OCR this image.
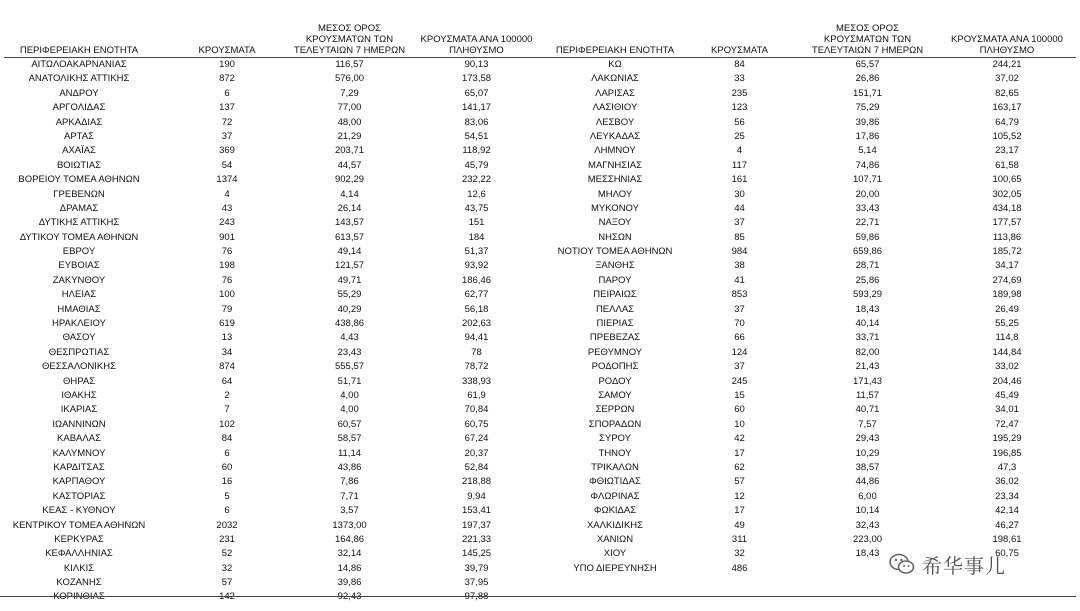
ΠΕΡΙΦΕΡΕΙΑΚΗ ΕΝΟΤΗΤΑ	ΚΡΟΥΣΜΑΤΑ
ΜΕΣΟΣ ΟΡΟΣ
ΚΡΟΥΣΜΑΤΩΝ ΤΩΝ
ΤΕΛΕΥΤΑΙΩΝ 7 ΗΜΕΡΩΝ
ΚΡΟΥΣΜΑΤΑ ΑΝΑ 100000
ΠΛΗΘΥΣΜΟ
ΑΙΤΩΛΟΑΚΑΡΝΑΝΙΑΣ	190	116,57	90,13
ΑΝΑΤΟΛΙΚΗΣ ΑΤΤΙΚΗΣ	872	576,00	173,58
ΑΝΔΡΟΥ	6	7,29	65,07
ΑΡΓΟΛΙΔΑΣ	137	77,00	141,17
ΑΡΚΑΔΙΑΣ	72	48,00	83,06
ΑΡΤΑΣ	37	21,29	54,51
ΑΧΑΪΑΣ	369	203,71	118,92
ΒΟΙΩΤΙΑΣ	54	44,57	45,79
ΒΟΡΕΙΟΥ ΤΟΜΕΑ ΑΘΗΝΩΝ	1374	902,29	232,22
ΓΡΕΒΕΝΩΝ	4	4,14	12,6
ΔΡΑΜΑΣ	43	26,14	43,75
ΔΥΤΙΚΗΣ ΑΤΤΙΚΗΣ	243	143,57	151
ΔΥΤΙΚΟΥ ΤΟΜΕΑ ΑΘΗΝΩΝ	901	613,57	184
ΕΒΡΟΥ	76	49,14	51,37
ΕΥΒΟΙΑΣ	198	121,57	93,92
ΖΑΚΥΝΘΟΥ	76	49,71	186,46
ΗΛΕΙΑΣ	100	55,29	62,77
ΗΜΑΘΙΑΣ	79	40,29	56,18
ΗΡΑΚΛΕΙΟΥ	619	438,86	202,63
ΘΑΣΟΥ	13	4,43	94,41
ΘΕΣΠΡΩΤΙΑΣ	34	23,43	78
ΘΕΣΣΑΛΟΝΙΚΗΣ	874	555,57	78,72
ΘΗΡΑΣ	64	51,71	338,93
ΙΘΑΚΗΣ	2	4,00	61,9
ΙΚΑΡΙΑΣ	7	4,00	70,84
ΙΩΑΝΝΙΝΩΝ	102	60,57	60,75
ΚΑΒΑΛΑΣ	84	58,57	67,24
ΚΑΛΥΜΝΟΥ	6	11,14	20,37
ΚΑΡΔΙΤΣΑΣ	60	43,86	52,84
ΚΑΡΠΑΘΟΥ	16	7,86	218,88
ΚΑΣΤΟΡΙΑΣ	5	7,71	9,94
ΚΕΑΣ - ΚΥΘΝΟΥ	6	3,57	153,41
ΚΕΝΤΡΙΚΟΥ ΤΟΜΕΑ ΑΘΗΝΩΝ	2032	1373,00	197,37
ΚΕΡΚΥΡΑΣ	231	164,86	221,33
ΚΕΦΑΛΛΗΝΙΑΣ	52	32,14	145,25
ΚΙΛΚΙΣ	32	14,86	39,79
ΚΟΖΑΝΗΣ	57	39,86	37,95
ΚΟΡΙΝΘΙΑΣ	142	92,43	97,88
ΠΕΡΙΦΕΡΕΙΑΚΗ ΕΝΟΤΗΤΑ	ΚΡΟΥΣΜΑΤΑ
ΜΕΣΟΣ ΟΡΟΣ
ΚΡΟΥΣΜΑΤΩΝ ΤΩΝ
ΤΕΛΕΥΤΑΙΩΝ 7 ΗΜΕΡΩΝ
ΚΡΟΥΣΜΑΤΑ ΑΝΑ 100000
ΠΛΗΘΥΣΜΟ
ΚΩ	84	65,57	244,21
ΛΑΚΩΝΙΑΣ	33	26,86	37,02
ΛΑΡΙΣΑΣ	235	151,71	82,65
ΛΑΣΙΘΙΟΥ	123	75,29	163,17
ΛΕΣΒΟΥ	56	39,86	64,79
ΛΕΥΚΑΔΑΣ	25	17,86	105,52
ΛΗΜΝΟΥ	4	5,14	23,17
ΜΑΓΝΗΣΙΑΣ	117	74,86	61,58
ΜΕΣΣΗΝΙΑΣ	161	107,71	100,65
ΜΗΛΟΥ	30	20,00	302,05
ΜΥΚΟΝΟΥ	44	33,43	434,18
ΝΑΞΟΥ	37	22,71	177,57
ΝΗΣΩΝ	85	59,86	113,86
ΝΟΤΙΟΥ ΤΟΜΕΑ ΑΘΗΝΩΝ	984	659,86	185,72
ΞΑΝΘΗΣ	38	28,71	34,17
ΠΑΡΟΥ	41	25,86	274,69
ΠΕΙΡΑΙΩΣ	853	593,29	189,98
ΠΕΛΛΑΣ	37	18,43	26,49
ΠΙΕΡΙΑΣ	70	40,14	55,25
ΠΡΕΒΕΖΑΣ	66	33,71	114,8
ΡΕΘΥΜΝΟΥ	124	82,00	144,84
ΡΟΔΟΠΗΣ	37	21,43	33,02
ΡΟΔΟΥ	245	171,43	204,46
ΣΑΜΟΥ	15	11,57	45,49
ΣΕΡΡΩΝ	60	40,71	34,01
ΣΠΟΡΑΔΩΝ	10	7,57	72,47
ΣΥΡΟΥ	42	29,43	195,29
ΤΗΝΟΥ	17	10,29	196,85
ΤΡΙΚΑΛΩΝ	62	38,57	47,3
ΦΘΙΩΤΙΔΑΣ	57	44,86	36,02
ΦΛΩΡΙΝΑΣ	12	6,00	23,34
ΦΩΚΙΔΑΣ	17	10,14	42,14
ΧΑΛΚΙΔΙΚΗΣ	49	32,43	46,27
ΧΑΝΙΩΝ	311	223,00	198,61
ΧΙΟΥ	32	18,43	60,75
ΥΠΟ ΔΙΕΡΕΥΝΗΣΗ	486	希华事儿
